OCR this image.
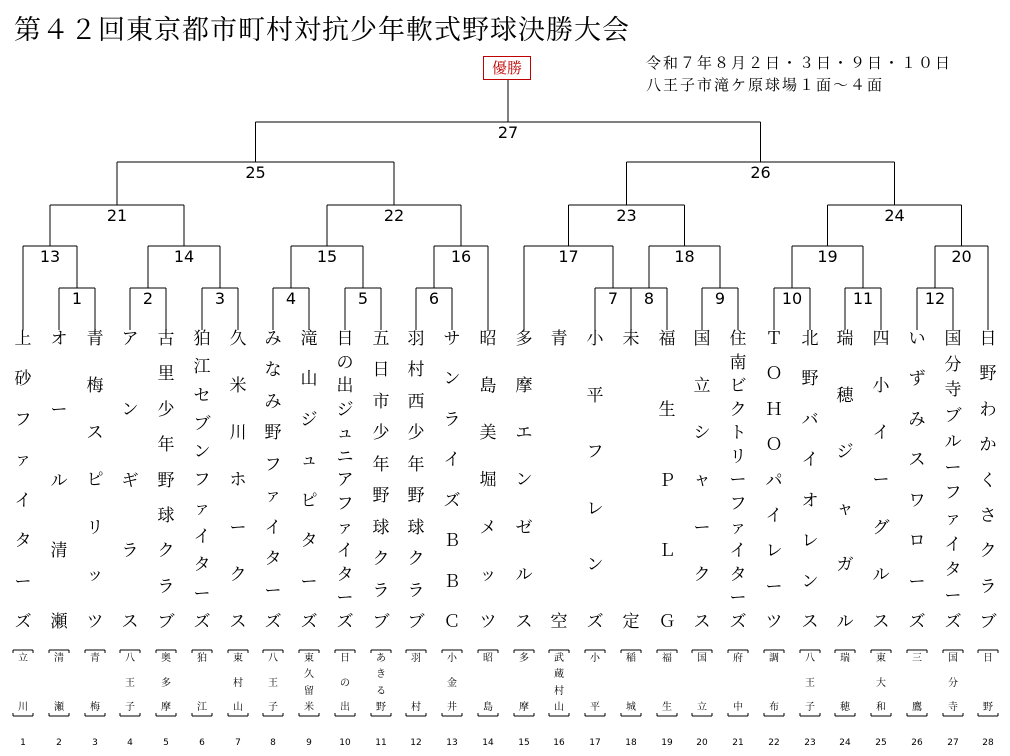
第４２回東京都市町村対抗少年軟式野球決勝大会
令和７年８月２日・３日・９日・１０日
八王子市滝ケ原球場１面～４面
優勝
1	2	3	4	5	6	7	8	9	10	11	12
13	14	15	16	17	18	19	20
21	22	23	24
25	26
27
上
砂
フ
ァ
イ
タ
ー
ズ
立
川
1
オ
ー
ル
清
瀬
清
瀬
2
青
梅
ス
ピ
リ
ッ
ツ
青
梅
3
ア
ン
ギ
ラ
ス
八
王
子
4
古
里
少
年
野
球
ク
ラ
ブ
奥
多
摩
5
狛
江
セ
ブ
ン
フ
ァ
イ
タ
ー
ズ
狛
江
6
久
米
川
ホ
ー
ク
ス
東
村
山
7
み
な
み
野
フ
ァ
イ
タ
ー
ズ
八
王
子
8
滝
山
ジ
ュ
ピ
タ
ー
ズ
東
久
留
米
9
日
の
出
ジ
ュ
ニ
ア
フ
ァ
イ
タ
ー
ズ
日
の
出
10
五
日
市
少
年
野
球
ク
ラ
ブ
あ
き
る
野
11
羽
村
西
少
年
野
球
ク
ラ
ブ
羽
村
12
サ
ン
ラ
イ
ズ
Ｂ
Ｂ
Ｃ
小
金
井
13
昭
島
美
堀
メ
ッ
ツ
昭
島
14
多
摩
エ
ン
ゼ
ル
ス
多
摩
15
青
空
武
蔵
村
山
16
小
平
フ
レ
ン
ズ
小
平
17
未
定
稲
城
18
福
生
Ｐ
Ｌ
Ｇ
福
生
19
国
立
シ
ャ
ー
ク
ス
国
立
20
住
南
ビ
ク
ト
リ
ー
フ
ァ
イ
タ
ー
ズ
府
中
21
Ｔ
Ｏ
Ｈ
Ｏ
パ
イ
レ
ー
ツ
調
布
22
北
野
バ
イ
オ
レ
ン
ス
八
王
子
23
瑞
穂
ジ
ャ
ガ
ル
瑞
穂
24
四
小
イ
ー
グ
ル
ス
東
大
和
25
い
ず
み
ス
ワ
ロ
ー
ズ
三
鷹
26
国
分
寺
ブ
ル
ー
フ
ァ
イ
タ
ー
ズ
国
分
寺
27
日
野
わ
か
く
さ
ク
ラ
ブ
日
野
28
